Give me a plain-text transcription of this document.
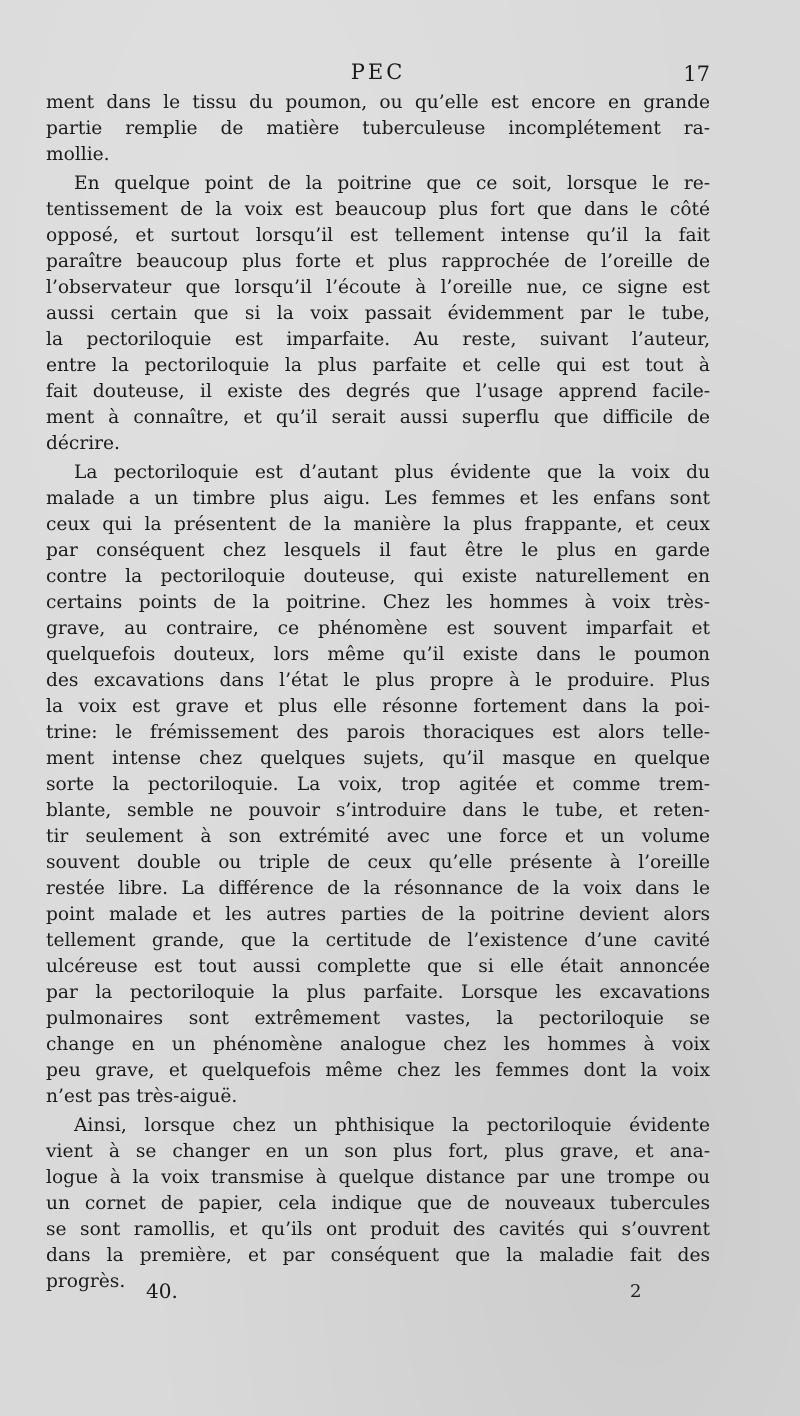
PEC	17
ment dans le tissu du poumon, ou qu’elle est encore en grande
partie remplie de matière tuberculeuse incomplétement ra-
mollie.
En quelque point de la poitrine que ce soit, lorsque le re-
tentissement de la voix est beaucoup plus fort que dans le côté
opposé, et surtout lorsqu’il est tellement intense qu’il la fait
paraître beaucoup plus forte et plus rapprochée de l’oreille de
l’observateur que lorsqu’il l’écoute à l’oreille nue, ce signe est
aussi certain que si la voix passait évidemment par le tube,
la pectoriloquie est imparfaite. Au reste, suivant l’auteur,
entre la pectoriloquie la plus parfaite et celle qui est tout à
fait douteuse, il existe des degrés que l’usage apprend facile-
ment à connaître, et qu’il serait aussi superflu que difficile de
décrire.
La pectoriloquie est d’autant plus évidente que la voix du
malade a un timbre plus aigu. Les femmes et les enfans sont
ceux qui la présentent de la manière la plus frappante, et ceux
par conséquent chez lesquels il faut être le plus en garde
contre la pectoriloquie douteuse, qui existe naturellement en
certains points de la poitrine. Chez les hommes à voix très-
grave, au contraire, ce phénomène est souvent imparfait et
quelquefois douteux, lors même qu’il existe dans le poumon
des excavations dans l’état le plus propre à le produire. Plus
la voix est grave et plus elle résonne fortement dans la poi-
trine: le frémissement des parois thoraciques est alors telle-
ment intense chez quelques sujets, qu’il masque en quelque
sorte la pectoriloquie. La voix, trop agitée et comme trem-
blante, semble ne pouvoir s’introduire dans le tube, et reten-
tir seulement à son extrémité avec une force et un volume
souvent double ou triple de ceux qu’elle présente à l’oreille
restée libre. La différence de la résonnance de la voix dans le
point malade et les autres parties de la poitrine devient alors
tellement grande, que la certitude de l’existence d’une cavité
ulcéreuse est tout aussi complette que si elle était annoncée
par la pectoriloquie la plus parfaite. Lorsque les excavations
pulmonaires sont extrêmement vastes, la pectoriloquie se
change en un phénomène analogue chez les hommes à voix
peu grave, et quelquefois même chez les femmes dont la voix
n’est pas très-aiguë.
Ainsi, lorsque chez un phthisique la pectoriloquie évidente
vient à se changer en un son plus fort, plus grave, et ana-
logue à la voix transmise à quelque distance par une trompe ou
un cornet de papier, cela indique que de nouveaux tubercules
se sont ramollis, et qu’ils ont produit des cavités qui s’ouvrent
dans la première, et par conséquent que la maladie fait des
progrès.	40.	2
